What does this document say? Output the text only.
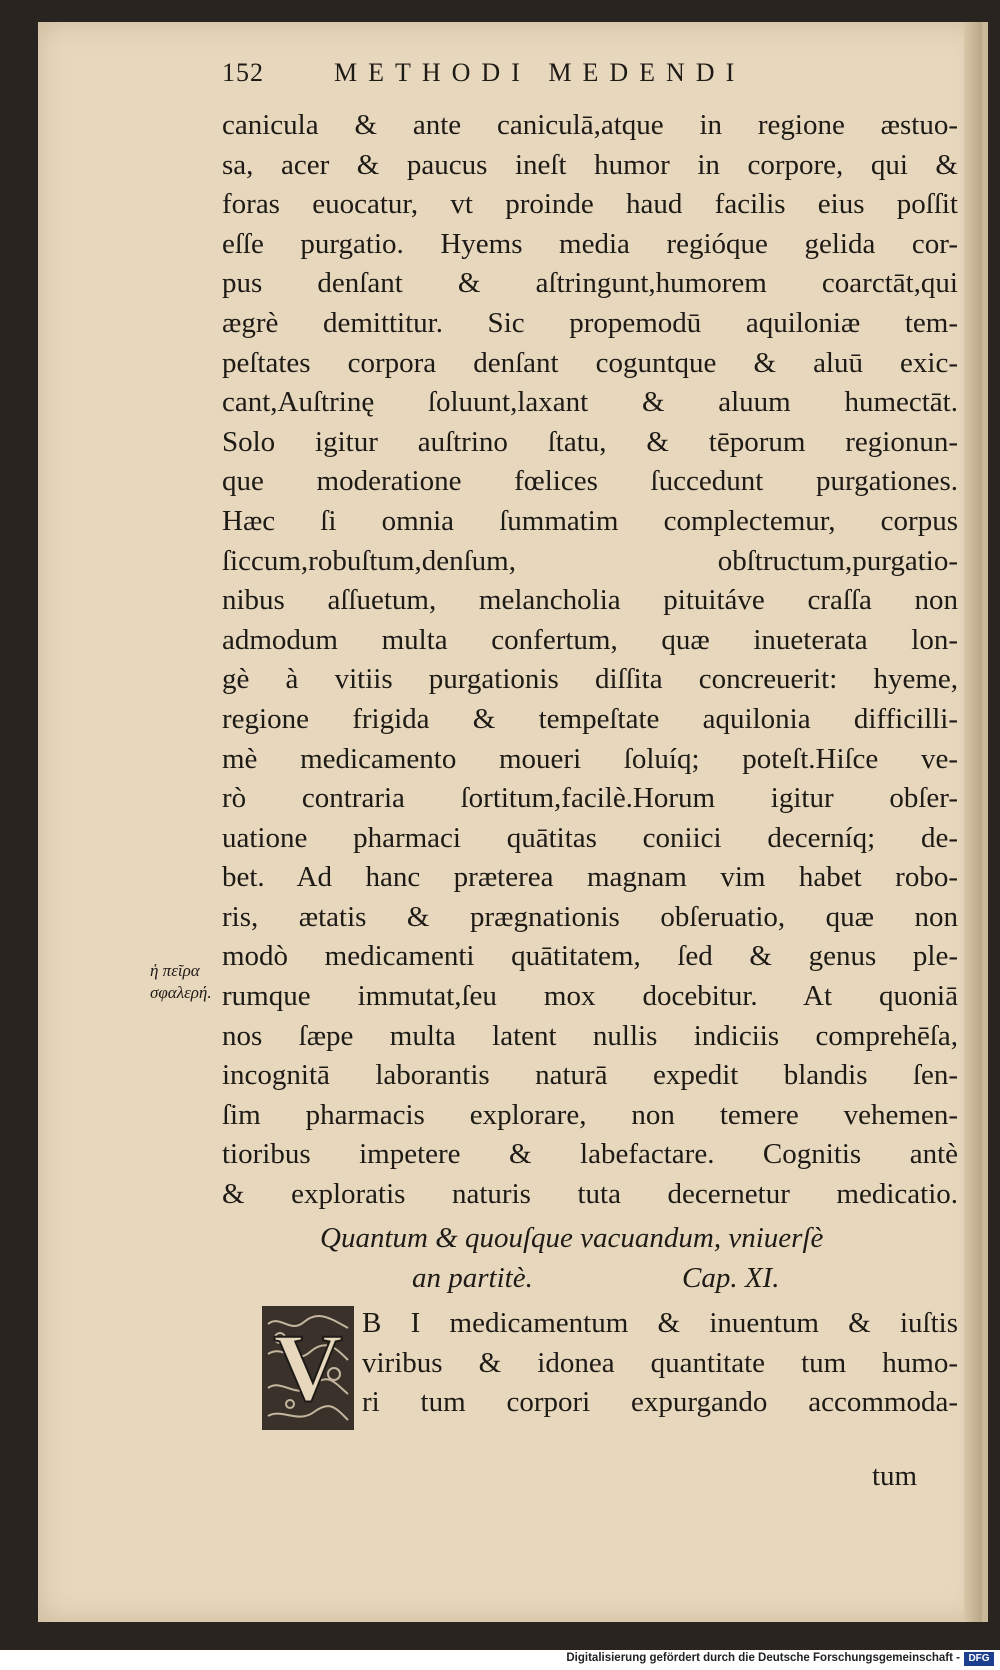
152	METHODI MEDENDI
canicula & ante caniculā,atque in regione æstuo-
sa, acer & paucus ineſt humor in corpore, qui &
foras euocatur, vt proinde haud facilis eius poſſit
eſſe purgatio. Hyems media regióque gelida cor-
pus denſant & aſtringunt,humorem coarctāt,qui
ægrè demittitur. Sic propemodū aquiloniæ tem-
peſtates corpora denſant coguntque & aluū exic-
cant,Auſtrinę ſoluunt,laxant & aluum humectāt.
Solo igitur auſtrino ſtatu, & tēporum regionun-
que moderatione fœlices ſuccedunt purgationes.
Hæc ſi omnia ſummatim complectemur, corpus
ſiccum,robuſtum,denſum, obſtructum,purgatio-
nibus aſſuetum, melancholia pituitáve craſſa non
admodum multa confertum, quæ inueterata lon-
gè à vitiis purgationis diſſita concreuerit: hyeme,
regione frigida & tempeſtate aquilonia difficilli-
mè medicamento moueri ſoluíq; poteſt.Hiſce ve-
rò contraria ſortitum,facilè.Horum igitur obſer-
uatione pharmaci quātitas coniici decerníq; de-
bet. Ad hanc præterea magnam vim habet robo-
ris, ætatis & prægnationis obſeruatio, quæ non
modò medicamenti quātitatem, ſed & genus ple-
rumque immutat,ſeu mox docebitur. At quoniā
nos ſæpe multa latent nullis indiciis comprehēſa,
incognitā laborantis naturā expedit blandis ſen-
ſim pharmacis explorare, non temere vehemen-
tioribus impetere & labefactare. Cognitis antè
& exploratis naturis tuta decernetur medicatio.
ἡ πεῖρα
σφαλερή.
Quantum & quouſque vacuandum, vniuerſè
an partitè.	Cap. XI.
V B I medicamentum & inuentum & iuſtis
viribus & idonea quantitate tum humo-
ri tum corpori expurgando accommoda-
tum
Digitalisierung gefördert durch die Deutsche Forschungsgemeinschaft - DFG
